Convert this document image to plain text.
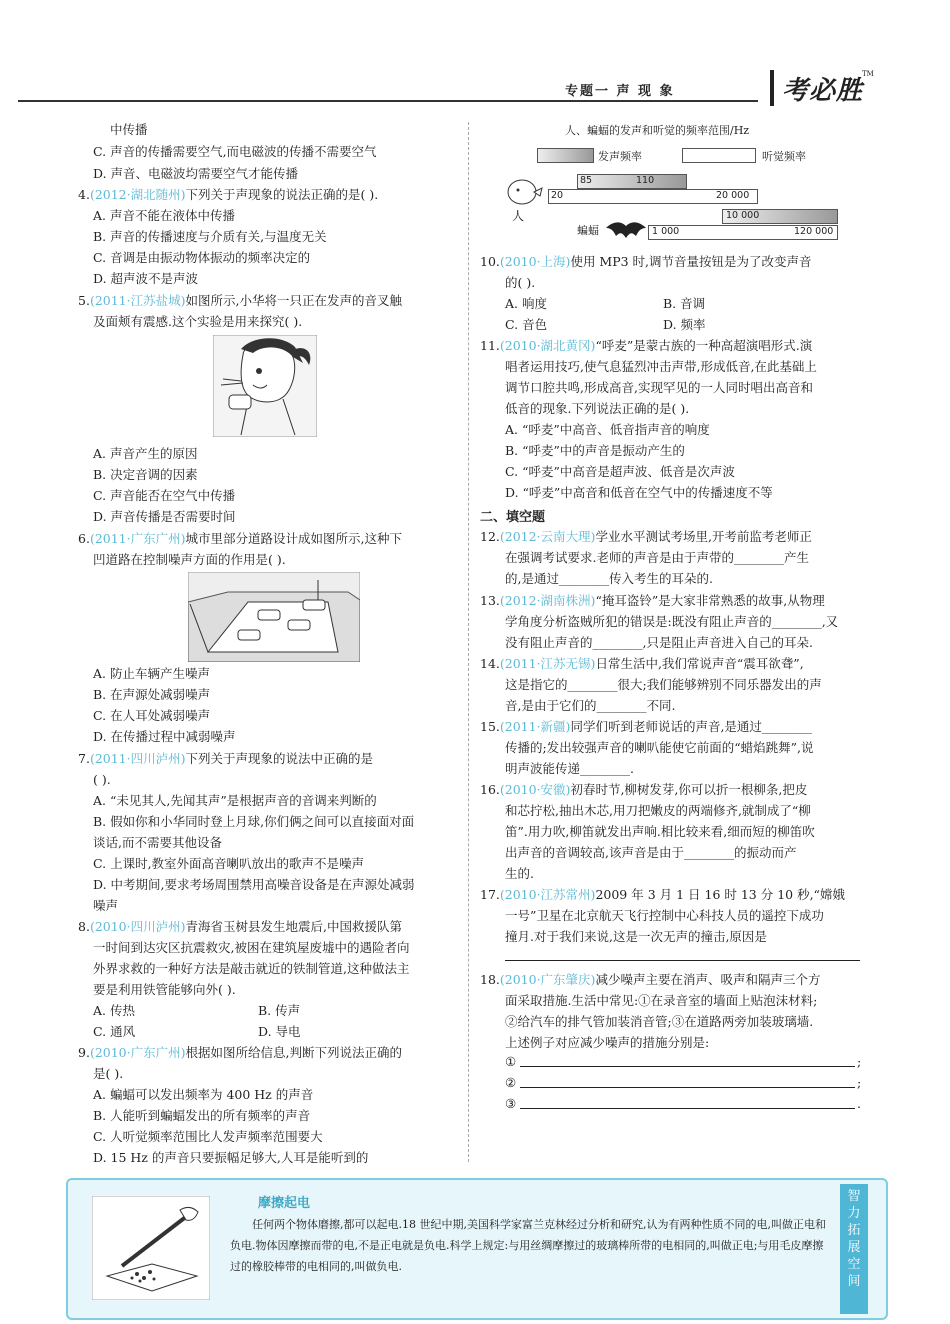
专题一 声 现 象	考必胜
TM
中传播
C. 声音的传播需要空气,而电磁波的传播不需要空气
D. 声音、电磁波均需要空气才能传播
4.(2012·湖北随州)下列关于声现象的说法正确的是( ).
A. 声音不能在液体中传播
B. 声音的传播速度与介质有关,与温度无关
C. 音调是由振动物体振动的频率决定的
D. 超声波不是声波
5.(2011·江苏盐城)如图所示,小华将一只正在发声的音叉触
及面颊有震感.这个实验是用来探究( ).
A. 声音产生的原因
B. 决定音调的因素
C. 声音能否在空气中传播
D. 声音传播是否需要时间
6.(2011·广东广州)城市里部分道路设计成如图所示,这种下
凹道路在控制噪声方面的作用是( ).
A. 防止车辆产生噪声
B. 在声源处减弱噪声
C. 在人耳处减弱噪声
D. 在传播过程中减弱噪声
7.(2011·四川泸州)下列关于声现象的说法中正确的是
( ).
A. “未见其人,先闻其声”是根据声音的音调来判断的
B. 假如你和小华同时登上月球,你们俩之间可以直接面对面
谈话,而不需要其他设备
C. 上课时,教室外面高音喇叭放出的歌声不是噪声
D. 中考期间,要求考场周围禁用高噪音设备是在声源处减弱
噪声
8.(2010·四川泸州)青海省玉树县发生地震后,中国救援队第
一时间到达灾区抗震救灾,被困在建筑屋废墟中的遇险者向
外界求救的一种好方法是敲击就近的铁制管道,这种做法主
要是利用铁管能够向外( ).
A. 传热	B. 传声
C. 通风	D. 导电
9.(2010·广东广州)根据如图所给信息,判断下列说法正确的
是( ).
A. 蝙蝠可以发出频率为 400 Hz 的声音
B. 人能听到蝙蝠发出的所有频率的声音
C. 人听觉频率范围比人发声频率范围要大
D. 15 Hz 的声音只要振幅足够大,人耳是能听到的
人、蝙蝠的发声和听觉的频率范围/Hz
发声频率	听觉频率
85	110
20	20 000
人	10 000
1 000	120 000
蝙蝠
二、填空题
10.(2010·上海)使用 MP3 时,调节音量按钮是为了改变声音
的( ).
A. 响度	B. 音调
C. 音色	D. 频率
11.(2010·湖北黄冈)“呼麦”是蒙古族的一种高超演唱形式.演
唱者运用技巧,使气息猛烈冲击声带,形成低音,在此基础上
调节口腔共鸣,形成高音,实现罕见的一人同时唱出高音和
低音的现象.下列说法正确的是( ).
A. “呼麦”中高音、低音指声音的响度
B. “呼麦”中的声音是振动产生的
C. “呼麦”中高音是超声波、低音是次声波
D. “呼麦”中高音和低音在空气中的传播速度不等
12.(2012·云南大理)学业水平测试考场里,开考前监考老师正
在强调考试要求.老师的声音是由于声带的________产生
的,是通过________传入考生的耳朵的.
13.(2012·湖南株洲)“掩耳盗铃”是大家非常熟悉的故事,从物理
学角度分析盗贼所犯的错误是:既没有阻止声音的________,又
没有阻止声音的________,只是阻止声音进入自己的耳朵.
14.(2011·江苏无锡)日常生活中,我们常说声音“震耳欲聋”,
这是指它的________很大;我们能够辨别不同乐器发出的声
音,是由于它们的________不同.
15.(2011·新疆)同学们听到老师说话的声音,是通过________
传播的;发出较强声音的喇叭能使它前面的“蜡焰跳舞”,说
明声波能传递________.
16.(2010·安徽)初春时节,柳树发芽,你可以折一根柳条,把皮
和芯拧松,抽出木芯,用刀把嫩皮的两端修齐,就制成了“柳
笛”.用力吹,柳笛就发出声响.相比较来看,细而短的柳笛吹
出声音的音调较高,该声音是由于________的振动而产
生的.
17.(2010·江苏常州)2009 年 3 月 1 日 16 时 13 分 10 秒,“嫦娥
一号”卫星在北京航天飞行控制中心科技人员的遥控下成功
撞月.对于我们来说,这是一次无声的撞击,原因是
18.(2010·广东肇庆)减少噪声主要在消声、吸声和隔声三个方
面采取措施.生活中常见:①在录音室的墙面上贴泡沫材料;
②给汽车的排气管加装消音管;③在道路两旁加装玻璃墙.
上述例子对应减少噪声的措施分别是:
①	;
②	;
③	.
摩擦起电
任何两个物体磨擦,都可以起电.18 世纪中期,美国科学家富兰克林经过分析和研究,认为有两种性质不同的电,叫做正电和负电.物体因摩擦而带的电,不是正电就是负电.科学上规定:与用丝绸摩擦过的玻璃棒所带的电相同的,叫做正电;与用毛皮摩擦过的橡胶棒带的电相同的,叫做负电.
智
力
拓
展
空
间
